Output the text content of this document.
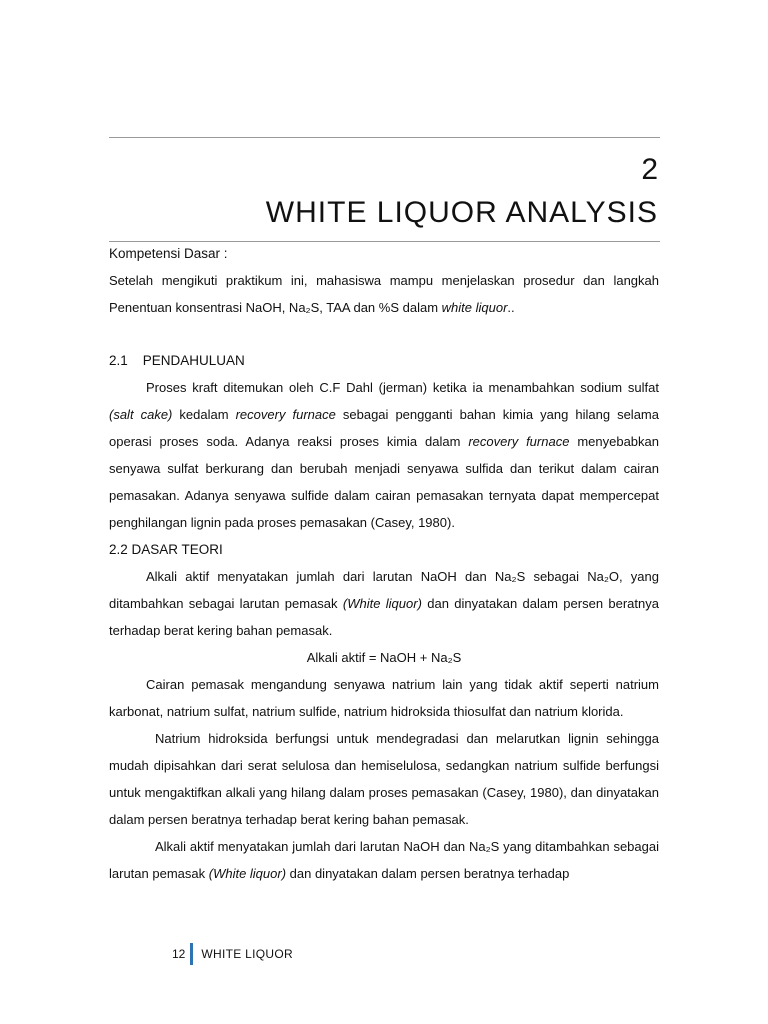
2
WHITE LIQUOR ANALYSIS

Kompetensi Dasar :

Setelah mengikuti praktikum ini, mahasiswa mampu menjelaskan prosedur dan langkah Penentuan konsentrasi NaOH, Na₂S, TAA dan %S dalam white liquor..

2.1    PENDAHULUAN

Proses kraft ditemukan oleh C.F Dahl (jerman) ketika ia menambahkan sodium sulfat (salt cake) kedalam recovery furnace sebagai pengganti bahan kimia yang hilang selama operasi proses soda. Adanya reaksi proses kimia dalam recovery furnace menyebabkan senyawa sulfat berkurang dan berubah menjadi senyawa sulfida dan terikut dalam cairan pemasakan. Adanya senyawa sulfide dalam cairan pemasakan ternyata dapat mempercepat penghilangan lignin pada proses pemasakan (Casey, 1980).

2.2 DASAR TEORI

Alkali aktif menyatakan jumlah dari larutan NaOH dan Na₂S sebagai Na₂O, yang ditambahkan sebagai larutan pemasak (White liquor) dan dinyatakan dalam persen beratnya terhadap berat kering bahan pemasak.

Alkali aktif = NaOH + Na₂S

Cairan pemasak mengandung senyawa natrium lain yang tidak aktif seperti natrium karbonat, natrium sulfat, natrium sulfide, natrium hidroksida thiosulfat dan natrium klorida.

Natrium hidroksida berfungsi untuk mendegradasi dan melarutkan lignin sehingga mudah dipisahkan dari serat selulosa dan hemiselulosa, sedangkan natrium sulfide berfungsi untuk mengaktifkan alkali yang hilang dalam proses pemasakan (Casey, 1980), dan dinyatakan dalam persen beratnya terhadap berat kering bahan pemasak.

Alkali aktif menyatakan jumlah dari larutan NaOH dan Na₂S yang ditambahkan sebagai larutan pemasak (White liquor) dan dinyatakan dalam persen beratnya terhadap

12 WHITE LIQUOR
